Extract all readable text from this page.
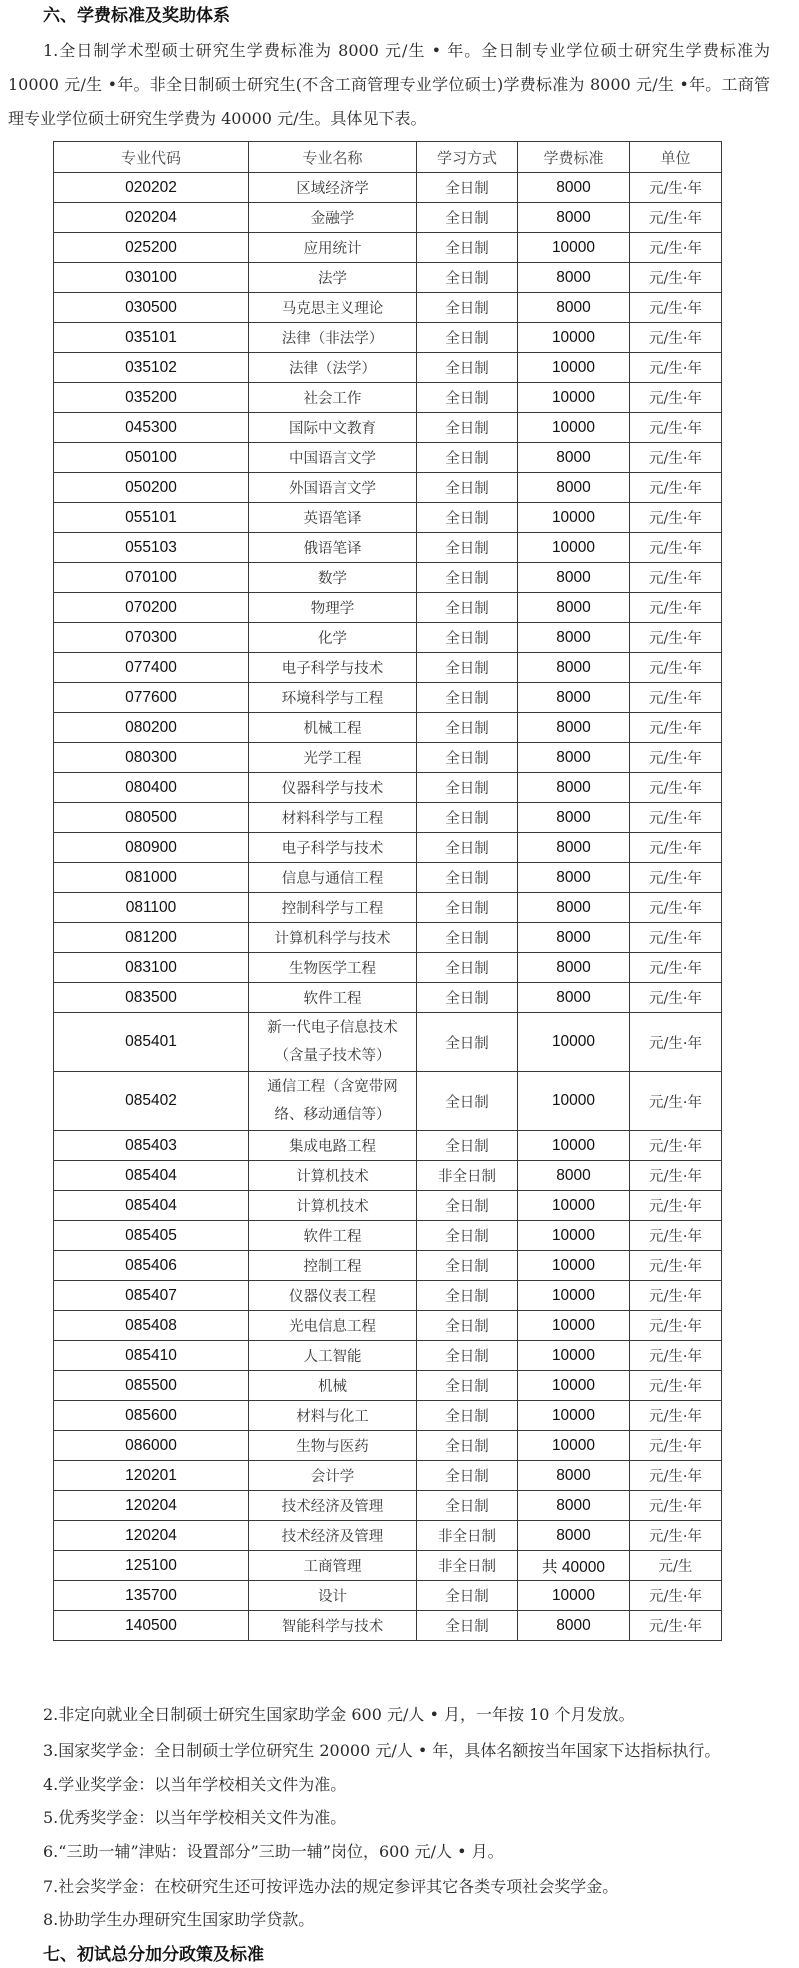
六、学费标准及奖助体系
1.全日制学术型硕士研究生学费标准为 8000 元/生 • 年。全日制专业学位硕士研究生学费标准为 10000 元/生 •年。非全日制硕士研究生(不含工商管理专业学位硕士)学费标准为 8000 元/生 •年。工商管理专业学位硕士研究生学费为 40000 元/生。具体见下表。
专业代码	专业名称	学习方式	学费标准	单位
020202	区域经济学	全日制	8000	元/生·年
020204	金融学	全日制	8000	元/生·年
025200	应用统计	全日制	10000	元/生·年
030100	法学	全日制	8000	元/生·年
030500	马克思主义理论	全日制	8000	元/生·年
035101	法律（非法学）	全日制	10000	元/生·年
035102	法律（法学）	全日制	10000	元/生·年
035200	社会工作	全日制	10000	元/生·年
045300	国际中文教育	全日制	10000	元/生·年
050100	中国语言文学	全日制	8000	元/生·年
050200	外国语言文学	全日制	8000	元/生·年
055101	英语笔译	全日制	10000	元/生·年
055103	俄语笔译	全日制	10000	元/生·年
070100	数学	全日制	8000	元/生·年
070200	物理学	全日制	8000	元/生·年
070300	化学	全日制	8000	元/生·年
077400	电子科学与技术	全日制	8000	元/生·年
077600	环境科学与工程	全日制	8000	元/生·年
080200	机械工程	全日制	8000	元/生·年
080300	光学工程	全日制	8000	元/生·年
080400	仪器科学与技术	全日制	8000	元/生·年
080500	材料科学与工程	全日制	8000	元/生·年
080900	电子科学与技术	全日制	8000	元/生·年
081000	信息与通信工程	全日制	8000	元/生·年
081100	控制科学与工程	全日制	8000	元/生·年
081200	计算机科学与技术	全日制	8000	元/生·年
083100	生物医学工程	全日制	8000	元/生·年
083500	软件工程	全日制	8000	元/生·年
085401	新一代电子信息技术（含量子技术等）	全日制	10000	元/生·年
085402	通信工程（含宽带网络、移动通信等）	全日制	10000	元/生·年
085403	集成电路工程	全日制	10000	元/生·年
085404	计算机技术	非全日制	8000	元/生·年
085404	计算机技术	全日制	10000	元/生·年
085405	软件工程	全日制	10000	元/生·年
085406	控制工程	全日制	10000	元/生·年
085407	仪器仪表工程	全日制	10000	元/生·年
085408	光电信息工程	全日制	10000	元/生·年
085410	人工智能	全日制	10000	元/生·年
085500	机械	全日制	10000	元/生·年
085600	材料与化工	全日制	10000	元/生·年
086000	生物与医药	全日制	10000	元/生·年
120201	会计学	全日制	8000	元/生·年
120204	技术经济及管理	全日制	8000	元/生·年
120204	技术经济及管理	非全日制	8000	元/生·年
125100	工商管理	非全日制	共 40000	元/生
135700	设计	全日制	10000	元/生·年
140500	智能科学与技术	全日制	8000	元/生·年
2.非定向就业全日制硕士研究生国家助学金 600 元/人 • 月，一年按 10 个月发放。
3.国家奖学金：全日制硕士学位研究生 20000 元/人 • 年，具体名额按当年国家下达指标执行。
4.学业奖学金：以当年学校相关文件为准。
5.优秀奖学金：以当年学校相关文件为准。
6.“三助一辅”津贴：设置部分”三助一辅”岗位，600 元/人 • 月。
7.社会奖学金：在校研究生还可按评选办法的规定参评其它各类专项社会奖学金。
8.协助学生办理研究生国家助学贷款。
七、初试总分加分政策及标准
